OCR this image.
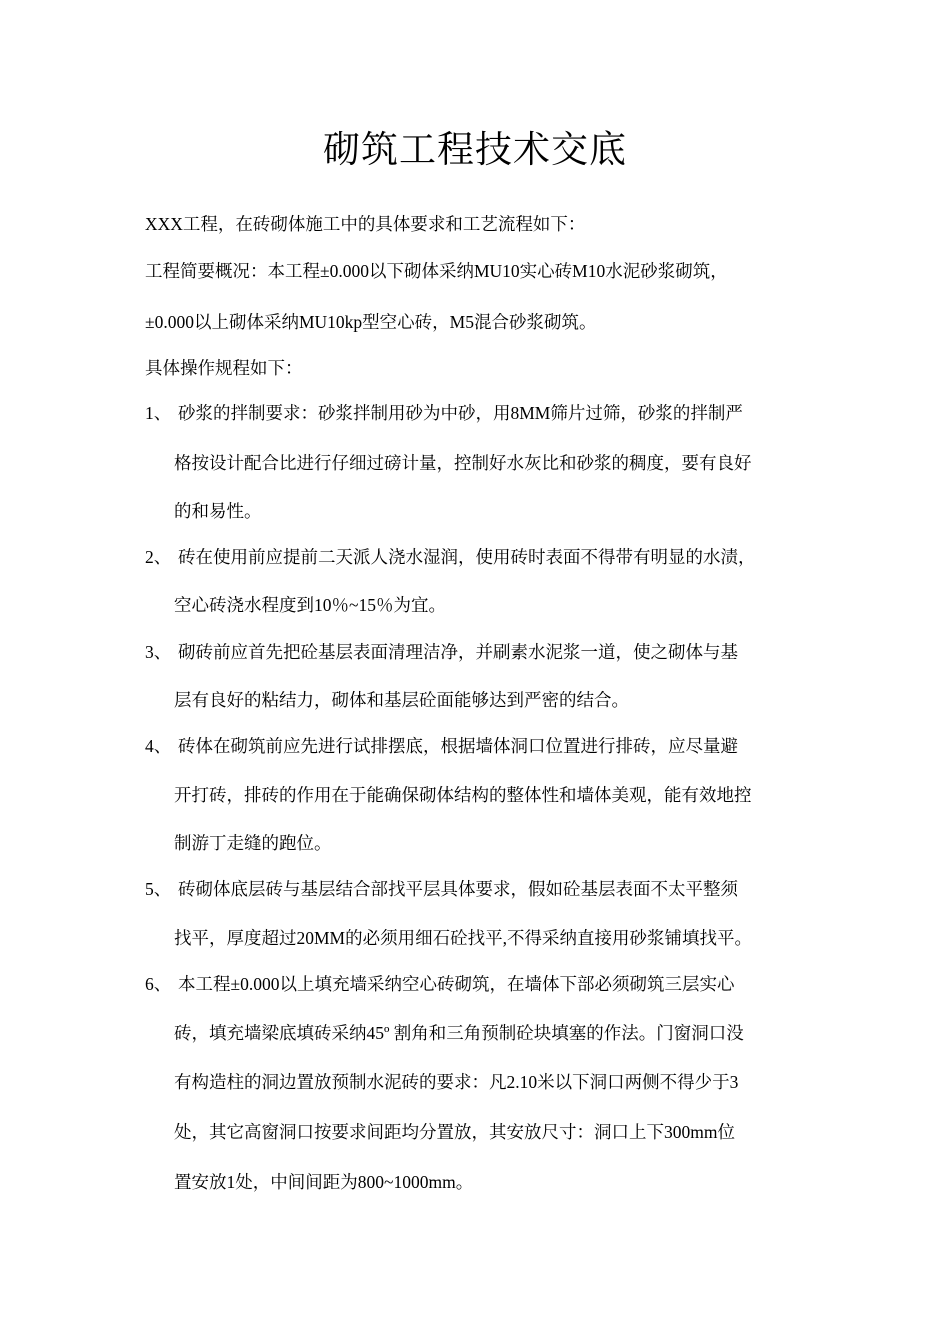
砌筑工程技术交底
XXX工程，在砖砌体施工中的具体要求和工艺流程如下：
工程简要概况：本工程±0.000以下砌体采纳MU10实心砖M10水泥砂浆砌筑，
±0.000以上砌体采纳MU10kp型空心砖，M5混合砂浆砌筑。
具体操作规程如下：
1、 砂浆的拌制要求：砂浆拌制用砂为中砂，用8MM筛片过筛，砂浆的拌制严
格按设计配合比进行仔细过磅计量，控制好水灰比和砂浆的稠度，要有良好
的和易性。
2、 砖在使用前应提前二天派人浇水湿润，使用砖时表面不得带有明显的水渍，
空心砖浇水程度到10％~15％为宜。
3、 砌砖前应首先把砼基层表面清理洁净，并刷素水泥浆一道，使之砌体与基
层有良好的粘结力，砌体和基层砼面能够达到严密的结合。
4、 砖体在砌筑前应先进行试排摆底，根据墙体洞口位置进行排砖，应尽量避
开打砖，排砖的作用在于能确保砌体结构的整体性和墙体美观，能有效地控
制游丁走缝的跑位。
5、 砖砌体底层砖与基层结合部找平层具体要求，假如砼基层表面不太平整须
找平，厚度超过20MM的必须用细石砼找平,不得采纳直接用砂浆铺填找平。
6、 本工程±0.000以上填充墙采纳空心砖砌筑，在墙体下部必须砌筑三层实心
砖，填充墙梁底填砖采纳45º 割角和三角预制砼块填塞的作法。门窗洞口没
有构造柱的洞边置放预制水泥砖的要求：凡2.10米以下洞口两侧不得少于3
处，其它高窗洞口按要求间距均分置放，其安放尺寸：洞口上下300mm位
置安放1处，中间间距为800~1000mm。
